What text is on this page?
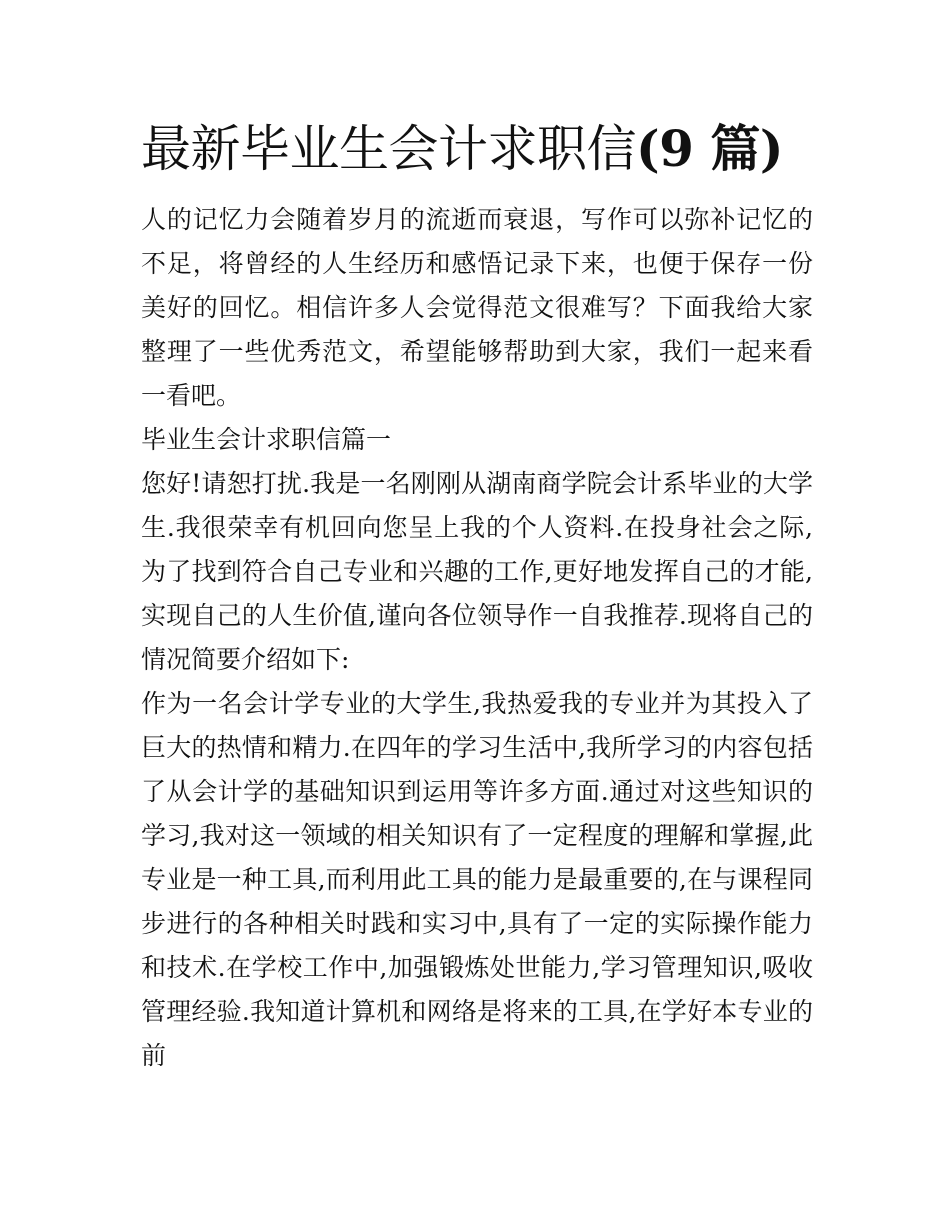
最新毕业生会计求职信(9 篇)

人的记忆力会随着岁月的流逝而衰退，写作可以弥补记忆的不足，将曾经的人生经历和感悟记录下来，也便于保存一份美好的回忆。相信许多人会觉得范文很难写？下面我给大家整理了一些优秀范文，希望能够帮助到大家，我们一起来看一看吧。

毕业生会计求职信篇一

您好!请恕打扰.我是一名刚刚从湖南商学院会计系毕业的大学生.我很荣幸有机回向您呈上我的个人资料.在投身社会之际,为了找到符合自己专业和兴趣的工作,更好地发挥自己的才能,实现自己的人生价值,谨向各位领导作一自我推荐.现将自己的情况简要介绍如下:

作为一名会计学专业的大学生,我热爱我的专业并为其投入了巨大的热情和精力.在四年的学习生活中,我所学习的内容包括了从会计学的基础知识到运用等许多方面.通过对这些知识的学习,我对这一领域的相关知识有了一定程度的理解和掌握,此专业是一种工具,而利用此工具的能力是最重要的,在与课程同步进行的各种相关时践和实习中,具有了一定的实际操作能力和技术.在学校工作中,加强锻炼处世能力,学习管理知识,吸收管理经验.我知道计算机和网络是将来的工具,在学好本专业的前
